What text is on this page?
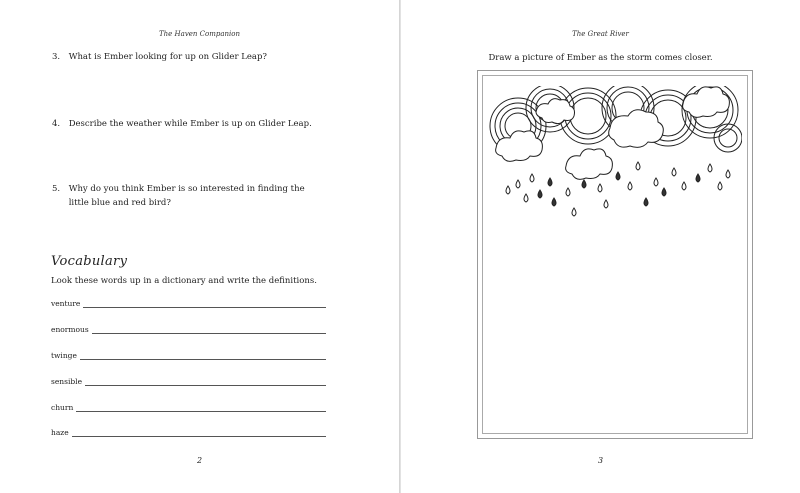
The Haven Companion
3. What is Ember looking for up on Glider Leap?
4. Describe the weather while Ember is up on Glider Leap.
5. Why do you think Ember is so interested in finding the little blue and red bird?
Vocabulary
Look these words up in a dictionary and write the definitions.
venture
enormous
twinge
sensible
churn
haze
2
The Great River
Draw a picture of Ember as the storm comes closer.
3
